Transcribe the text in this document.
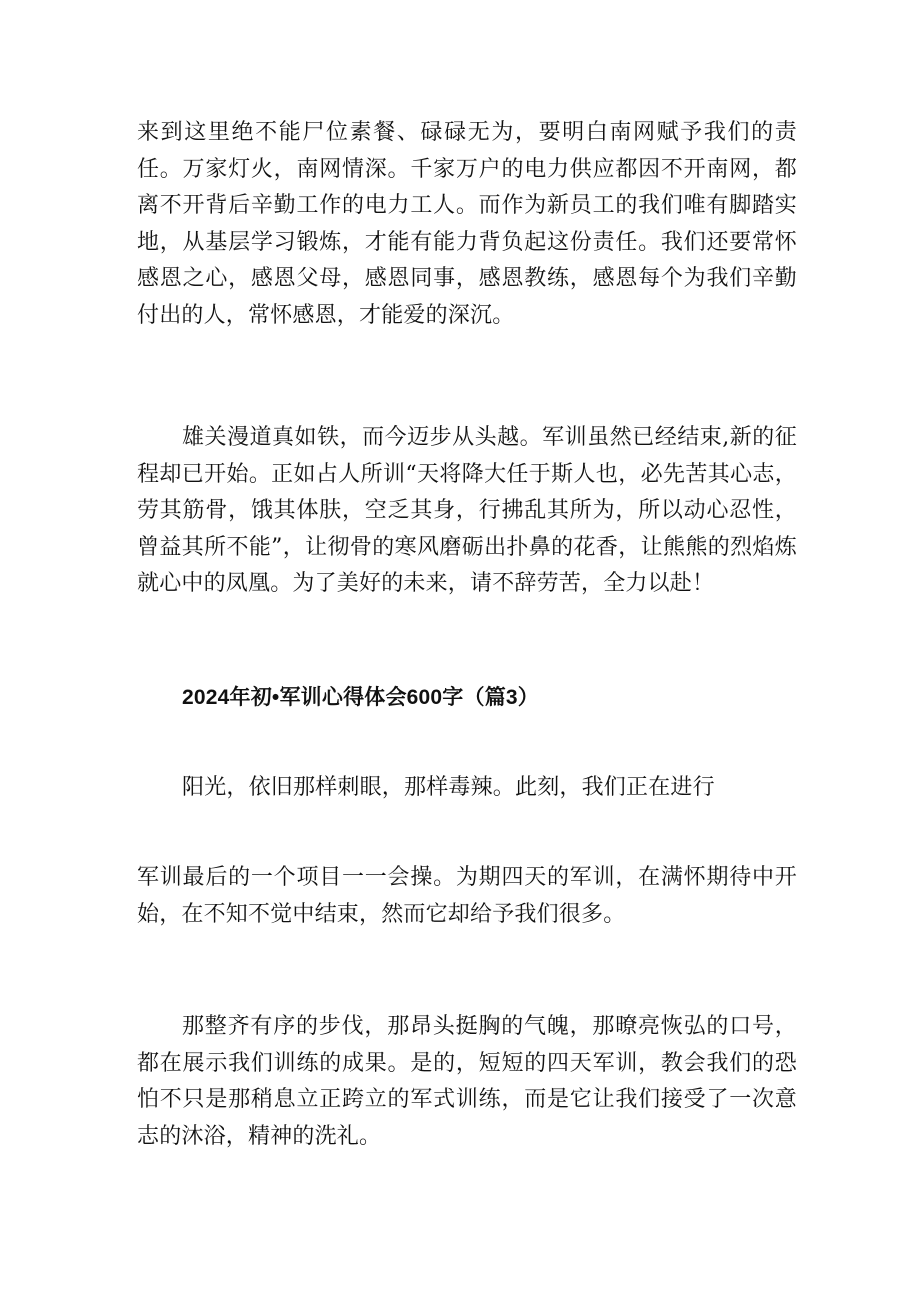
来到这里绝不能尸位素餐、碌碌无为，要明白南网赋予我们的责任。万家灯火，南网情深。千家万户的电力供应都因不开南网，都离不开背后辛勤工作的电力工人。而作为新员工的我们唯有脚踏实地，从基层学习锻炼，才能有能力背负起这份责任。我们还要常怀感恩之心，感恩父母，感恩同事，感恩教练，感恩每个为我们辛勤付出的人，常怀感恩，才能爱的深沉。

雄关漫道真如铁，而今迈步从头越。军训虽然已经结束,新的征程却已开始。正如占人所训“天将降大任于斯人也，必先苦其心志，劳其筋骨，饿其体肤，空乏其身，行拂乱其所为，所以动心忍性，曾益其所不能”，让彻骨的寒风磨砺出扑鼻的花香，让熊熊的烈焰炼就心中的凤凰。为了美好的未来，请不辞劳苦，全力以赴！

2024年初•军训心得体会600字（篇3）

阳光，依旧那样刺眼，那样毒辣。此刻，我们正在进行

军训最后的一个项目一一会操。为期四天的军训，在满怀期待中开始，在不知不觉中结束，然而它却给予我们很多。

那整齐有序的步伐，那昂头挺胸的气魄，那暸亮恢弘的口号，都在展示我们训练的成果。是的，短短的四天军训，教会我们的恐怕不只是那稍息立正跨立的军式训练，而是它让我们接受了一次意志的沐浴，精神的洗礼。
